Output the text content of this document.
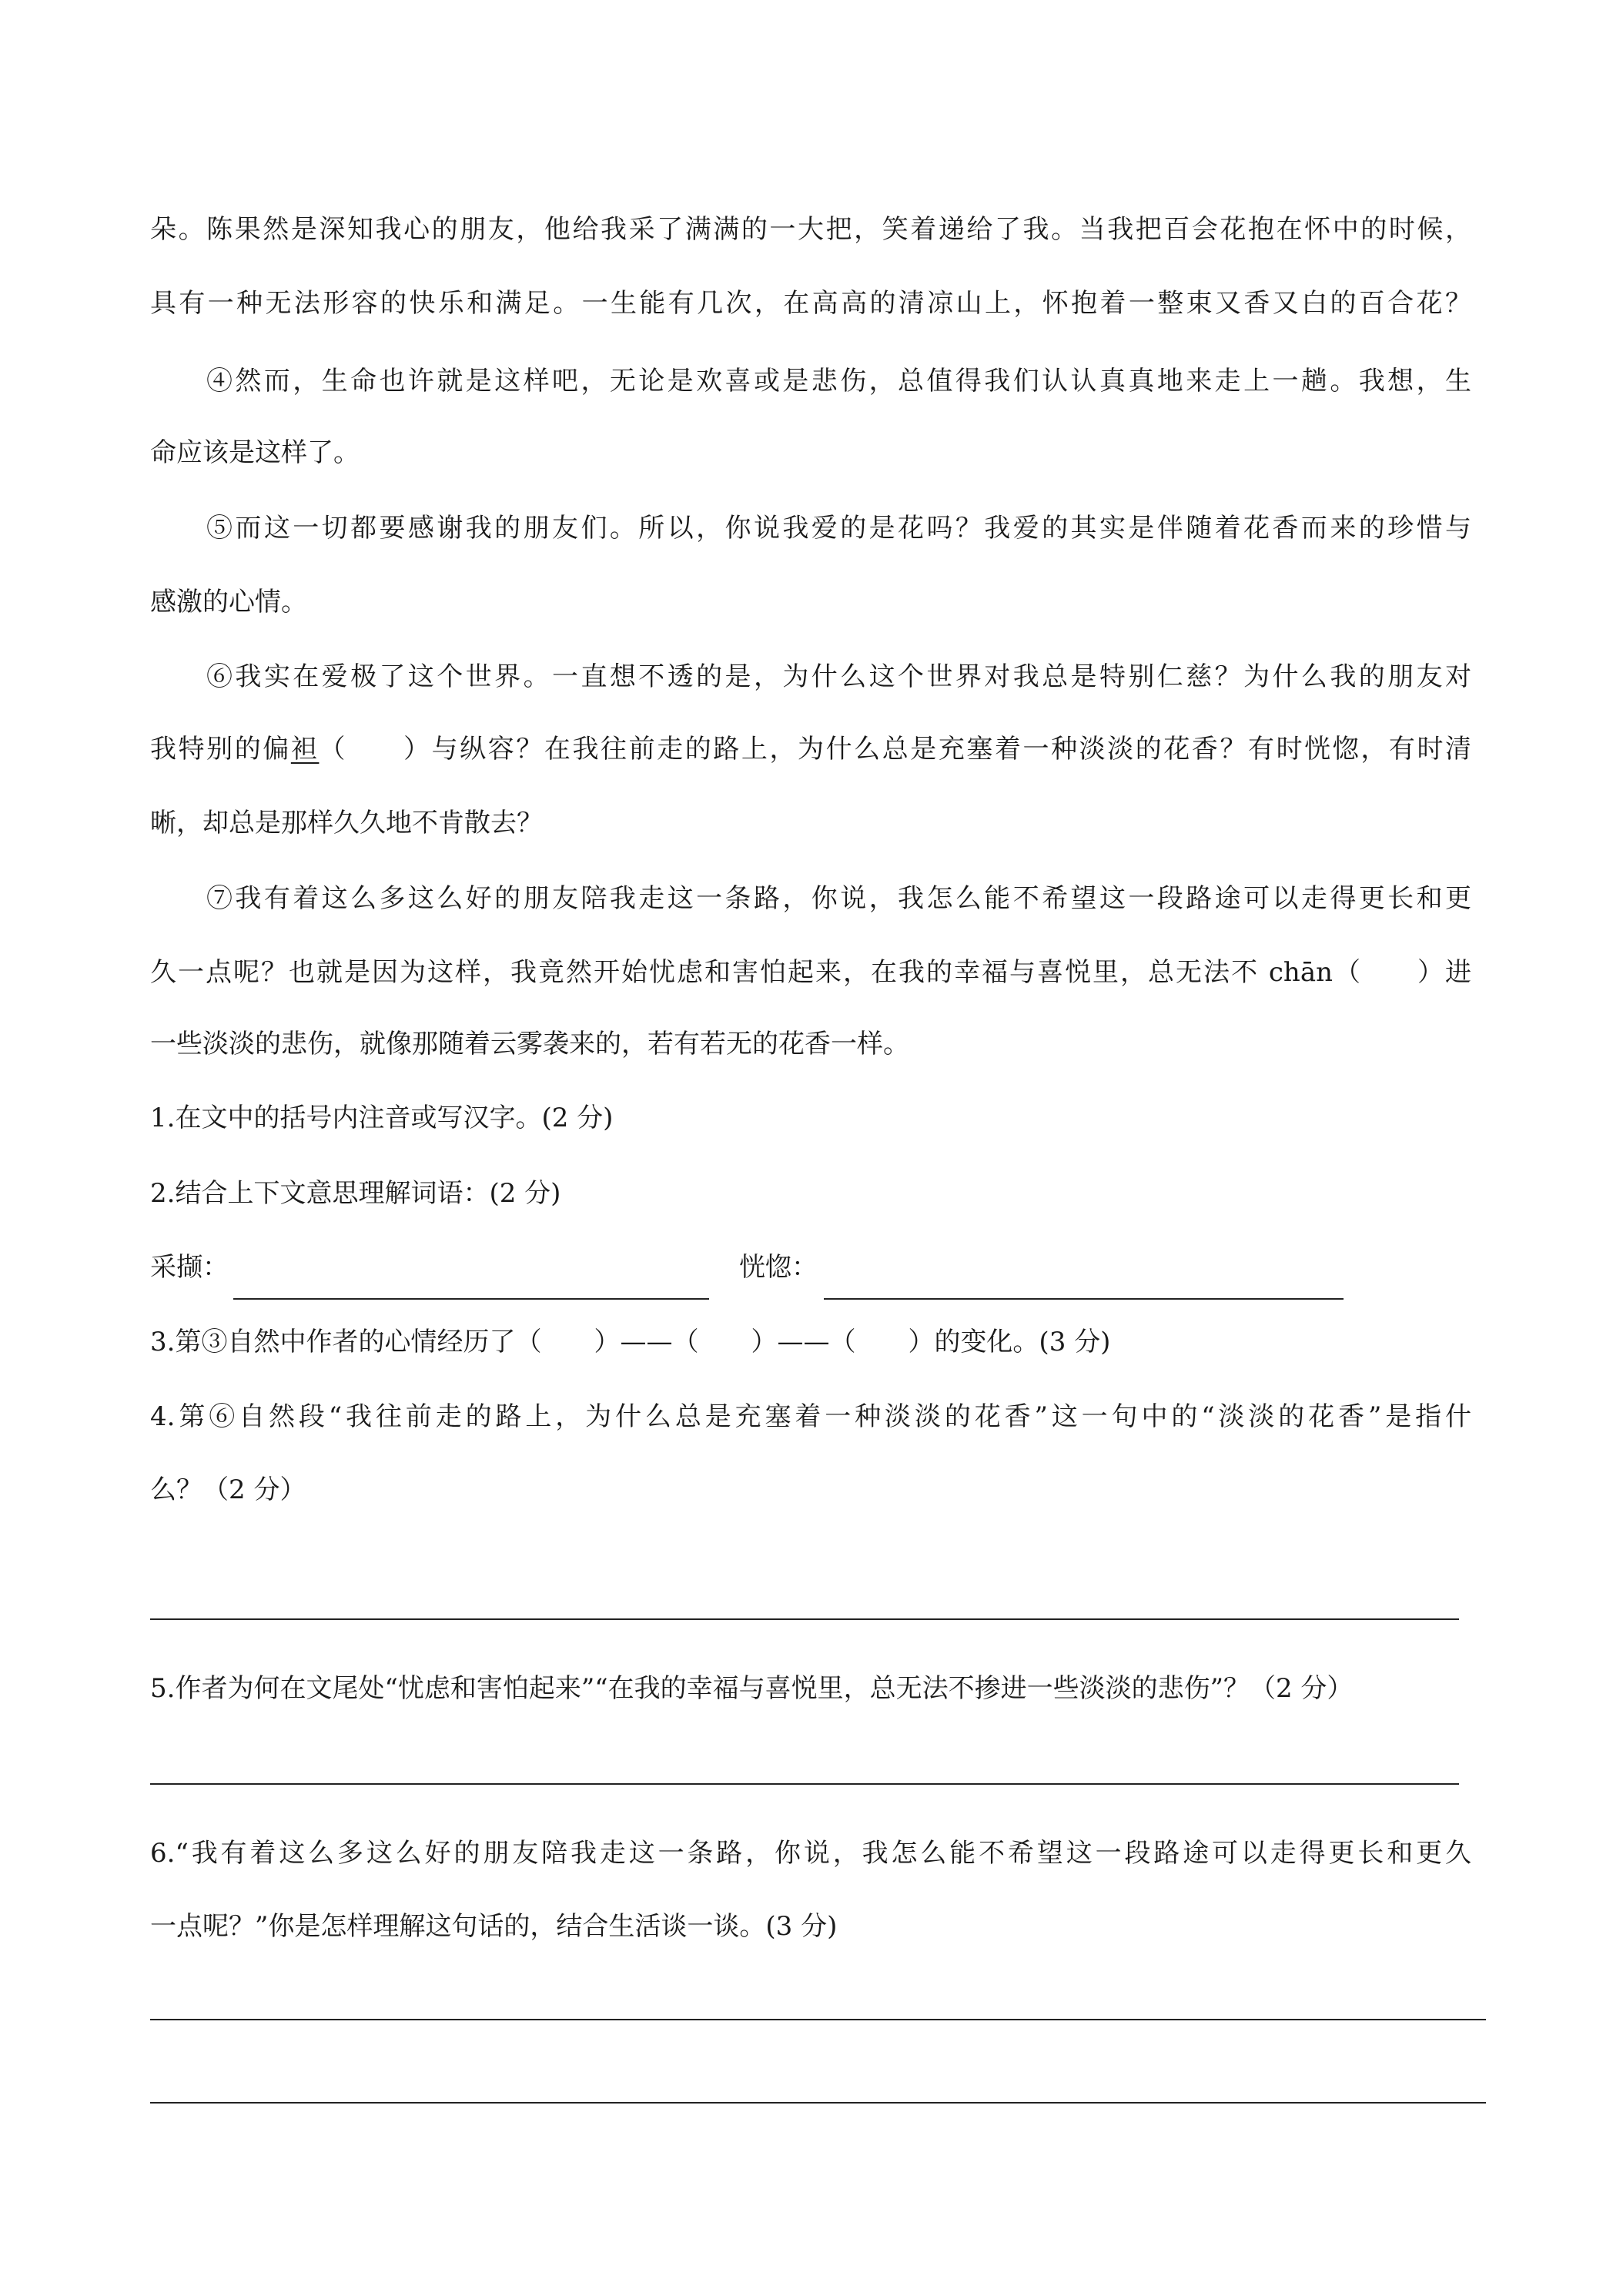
朵。陈果然是深知我心的朋友，他给我采了满满的一大把，笑着递给了我。当我把百会花抱在怀中的时候，
具有一种无法形容的快乐和满足。一生能有几次，在高高的清凉山上，怀抱着一整束又香又白的百合花？
④然而，生命也许就是这样吧，无论是欢喜或是悲伤，总值得我们认认真真地来走上一趟。我想，生
命应该是这样了。
⑤而这一切都要感谢我的朋友们。所以，你说我爱的是花吗？我爱的其实是伴随着花香而来的珍惜与
感激的心情。
⑥我实在爱极了这个世界。一直想不透的是，为什么这个世界对我总是特别仁慈？为什么我的朋友对
我特别的偏袒（　　）与纵容？在我往前走的路上，为什么总是充塞着一种淡淡的花香？有时恍惚，有时清
晰，却总是那样久久地不肯散去？
⑦我有着这么多这么好的朋友陪我走这一条路，你说，我怎么能不希望这一段路途可以走得更长和更
久一点呢？也就是因为这样，我竟然开始忧虑和害怕起来，在我的幸福与喜悦里，总无法不 chān（　　）进
一些淡淡的悲伤，就像那随着云雾袭来的，若有若无的花香一样。
1.在文中的括号内注音或写汉字。(2 分)
2.结合上下文意思理解词语：(2 分)
采撷：	恍惚：
3.第③自然中作者的心情经历了（　　）——（　　）——（　　）的变化。(3 分)
4.第⑥自然段“我往前走的路上，为什么总是充塞着一种淡淡的花香”这一句中的“淡淡的花香”是指什
么？（2 分）
5.作者为何在文尾处“忧虑和害怕起来”“在我的幸福与喜悦里，总无法不掺进一些淡淡的悲伤”？（2 分）
6.“我有着这么多这么好的朋友陪我走这一条路，你说，我怎么能不希望这一段路途可以走得更长和更久
一点呢？”你是怎样理解这句话的，结合生活谈一谈。(3 分)
